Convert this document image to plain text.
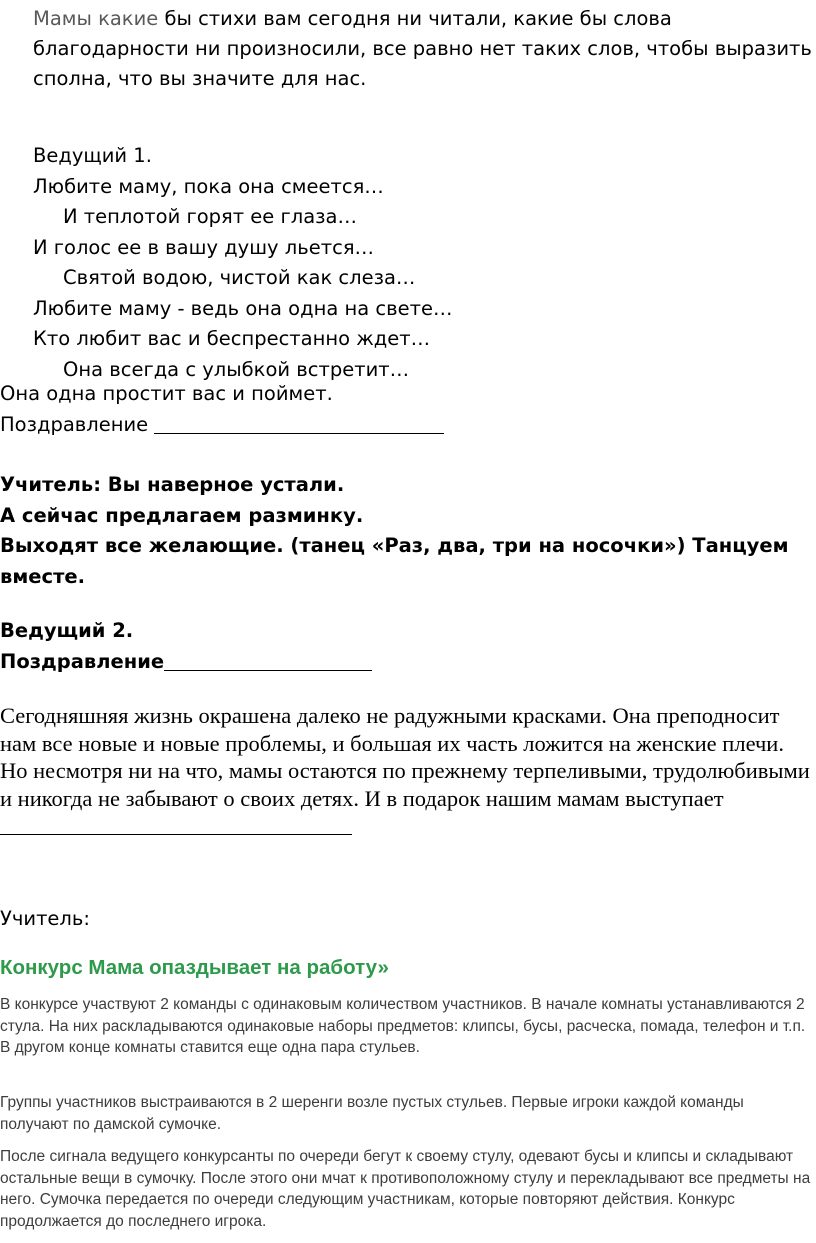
Мамы какие бы стихи вам сегодня ни читали, какие бы слова благодарности ни произносили, все равно нет таких слов, чтобы выразить сполна, что вы значите для нас.

Ведущий 1.
Любите маму, пока она смеется…
И теплотой горят ее глаза…
И голос ее в вашу душу льется…
Святой водою, чистой как слеза…
Любите маму - ведь она одна на свете…
Кто любит вас и беспрестанно ждет…
Она всегда с улыбкой встретит…
Она одна простит вас и поймет.
Поздравление
Учитель: Вы наверное устали.
А сейчас предлагаем разминку.
Выходят все желающие. (танец «Раз, два, три на носочки») Танцуем
вместе.
Ведущий 2.
Поздравление

Сегодняшняя жизнь окрашена далеко не радужными красками. Она преподносит нам все новые и новые проблемы, и большая их часть ложится на женские плечи. Но несмотря ни на что, мамы остаются по прежнему терпеливыми, трудолюбивыми и никогда не забывают о своих детях. И в подарок нашим мамам выступает

Учитель:
Конкурс Мама опаздывает на работу»

В конкурсе участвуют 2 команды с одинаковым количеством участников. В начале комнаты устанавливаются 2 стула. На них раскладываются одинаковые наборы предметов: клипсы, бусы, расческа, помада, телефон и т.п. В другом конце комнаты ставится еще одна пара стульев.

Группы участников выстраиваются в 2 шеренги возле пустых стульев. Первые игроки каждой команды получают по дамской сумочке.

После сигнала ведущего конкурсанты по очереди бегут к своему стулу, одевают бусы и клипсы и складывают остальные вещи в сумочку. После этого они мчат к противоположному стулу и перекладывают все предметы на него. Сумочка передается по очереди следующим участникам, которые повторяют действия. Конкурс продолжается до последнего игрока.
